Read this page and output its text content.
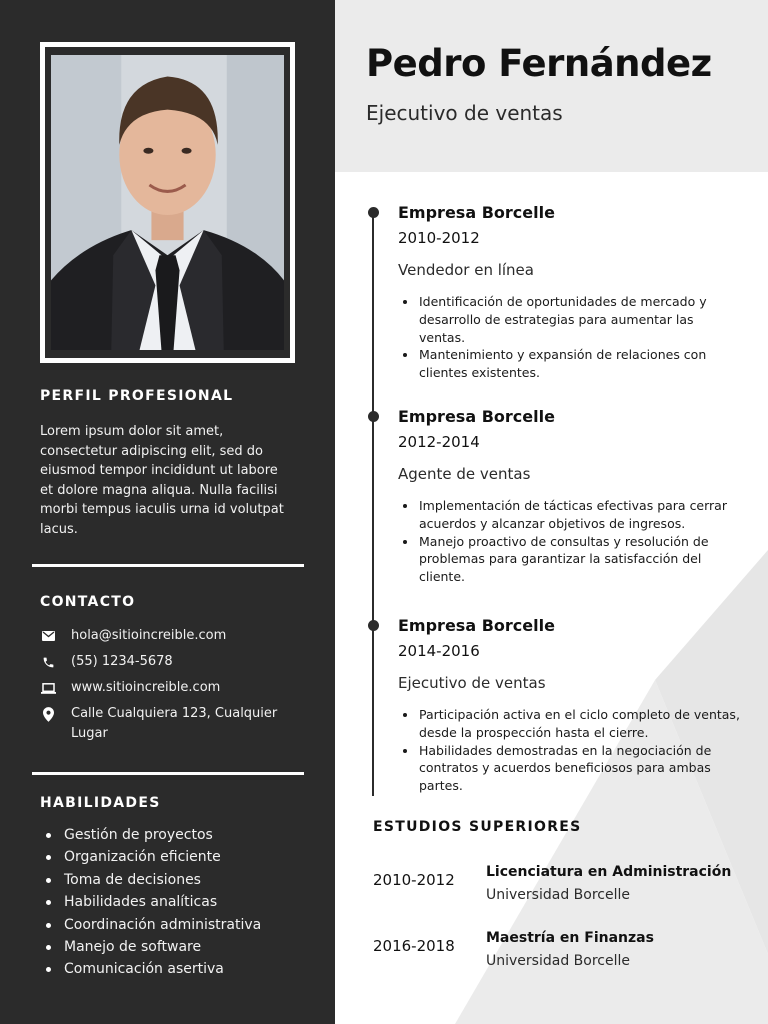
PERFIL PROFESIONAL

Lorem ipsum dolor sit amet, consectetur adipiscing elit, sed do eiusmod tempor incididunt ut labore et dolore magna aliqua. Nulla facilisi morbi tempus iaculis urna id volutpat lacus.

CONTACTO
hola@sitioincreible.com
(55) 1234-5678
www.sitioincreible.com
Calle Cualquiera 123, Cualquier Lugar
HABILIDADES
Gestión de proyectos
Organización eficiente
Toma de decisiones
Habilidades analíticas
Coordinación administrativa
Manejo de software
Comunicación asertiva
Pedro Fernández
Ejecutivo de ventas
Empresa Borcelle
2010-2012
Vendedor en línea
Identificación de oportunidades de mercado y desarrollo de estrategias para aumentar las ventas.
Mantenimiento y expansión de relaciones con clientes existentes.
Empresa Borcelle
2012-2014
Agente de ventas
Implementación de tácticas efectivas para cerrar acuerdos y alcanzar objetivos de ingresos.
Manejo proactivo de consultas y resolución de problemas para garantizar la satisfacción del cliente.
Empresa Borcelle
2014-2016
Ejecutivo de ventas
Participación activa en el ciclo completo de ventas, desde la prospección hasta el cierre.
Habilidades demostradas en la negociación de contratos y acuerdos beneficiosos para ambas partes.
ESTUDIOS SUPERIORES
2010-2012 Licenciatura en Administración
Universidad Borcelle
2016-2018 Maestría en Finanzas
Universidad Borcelle
